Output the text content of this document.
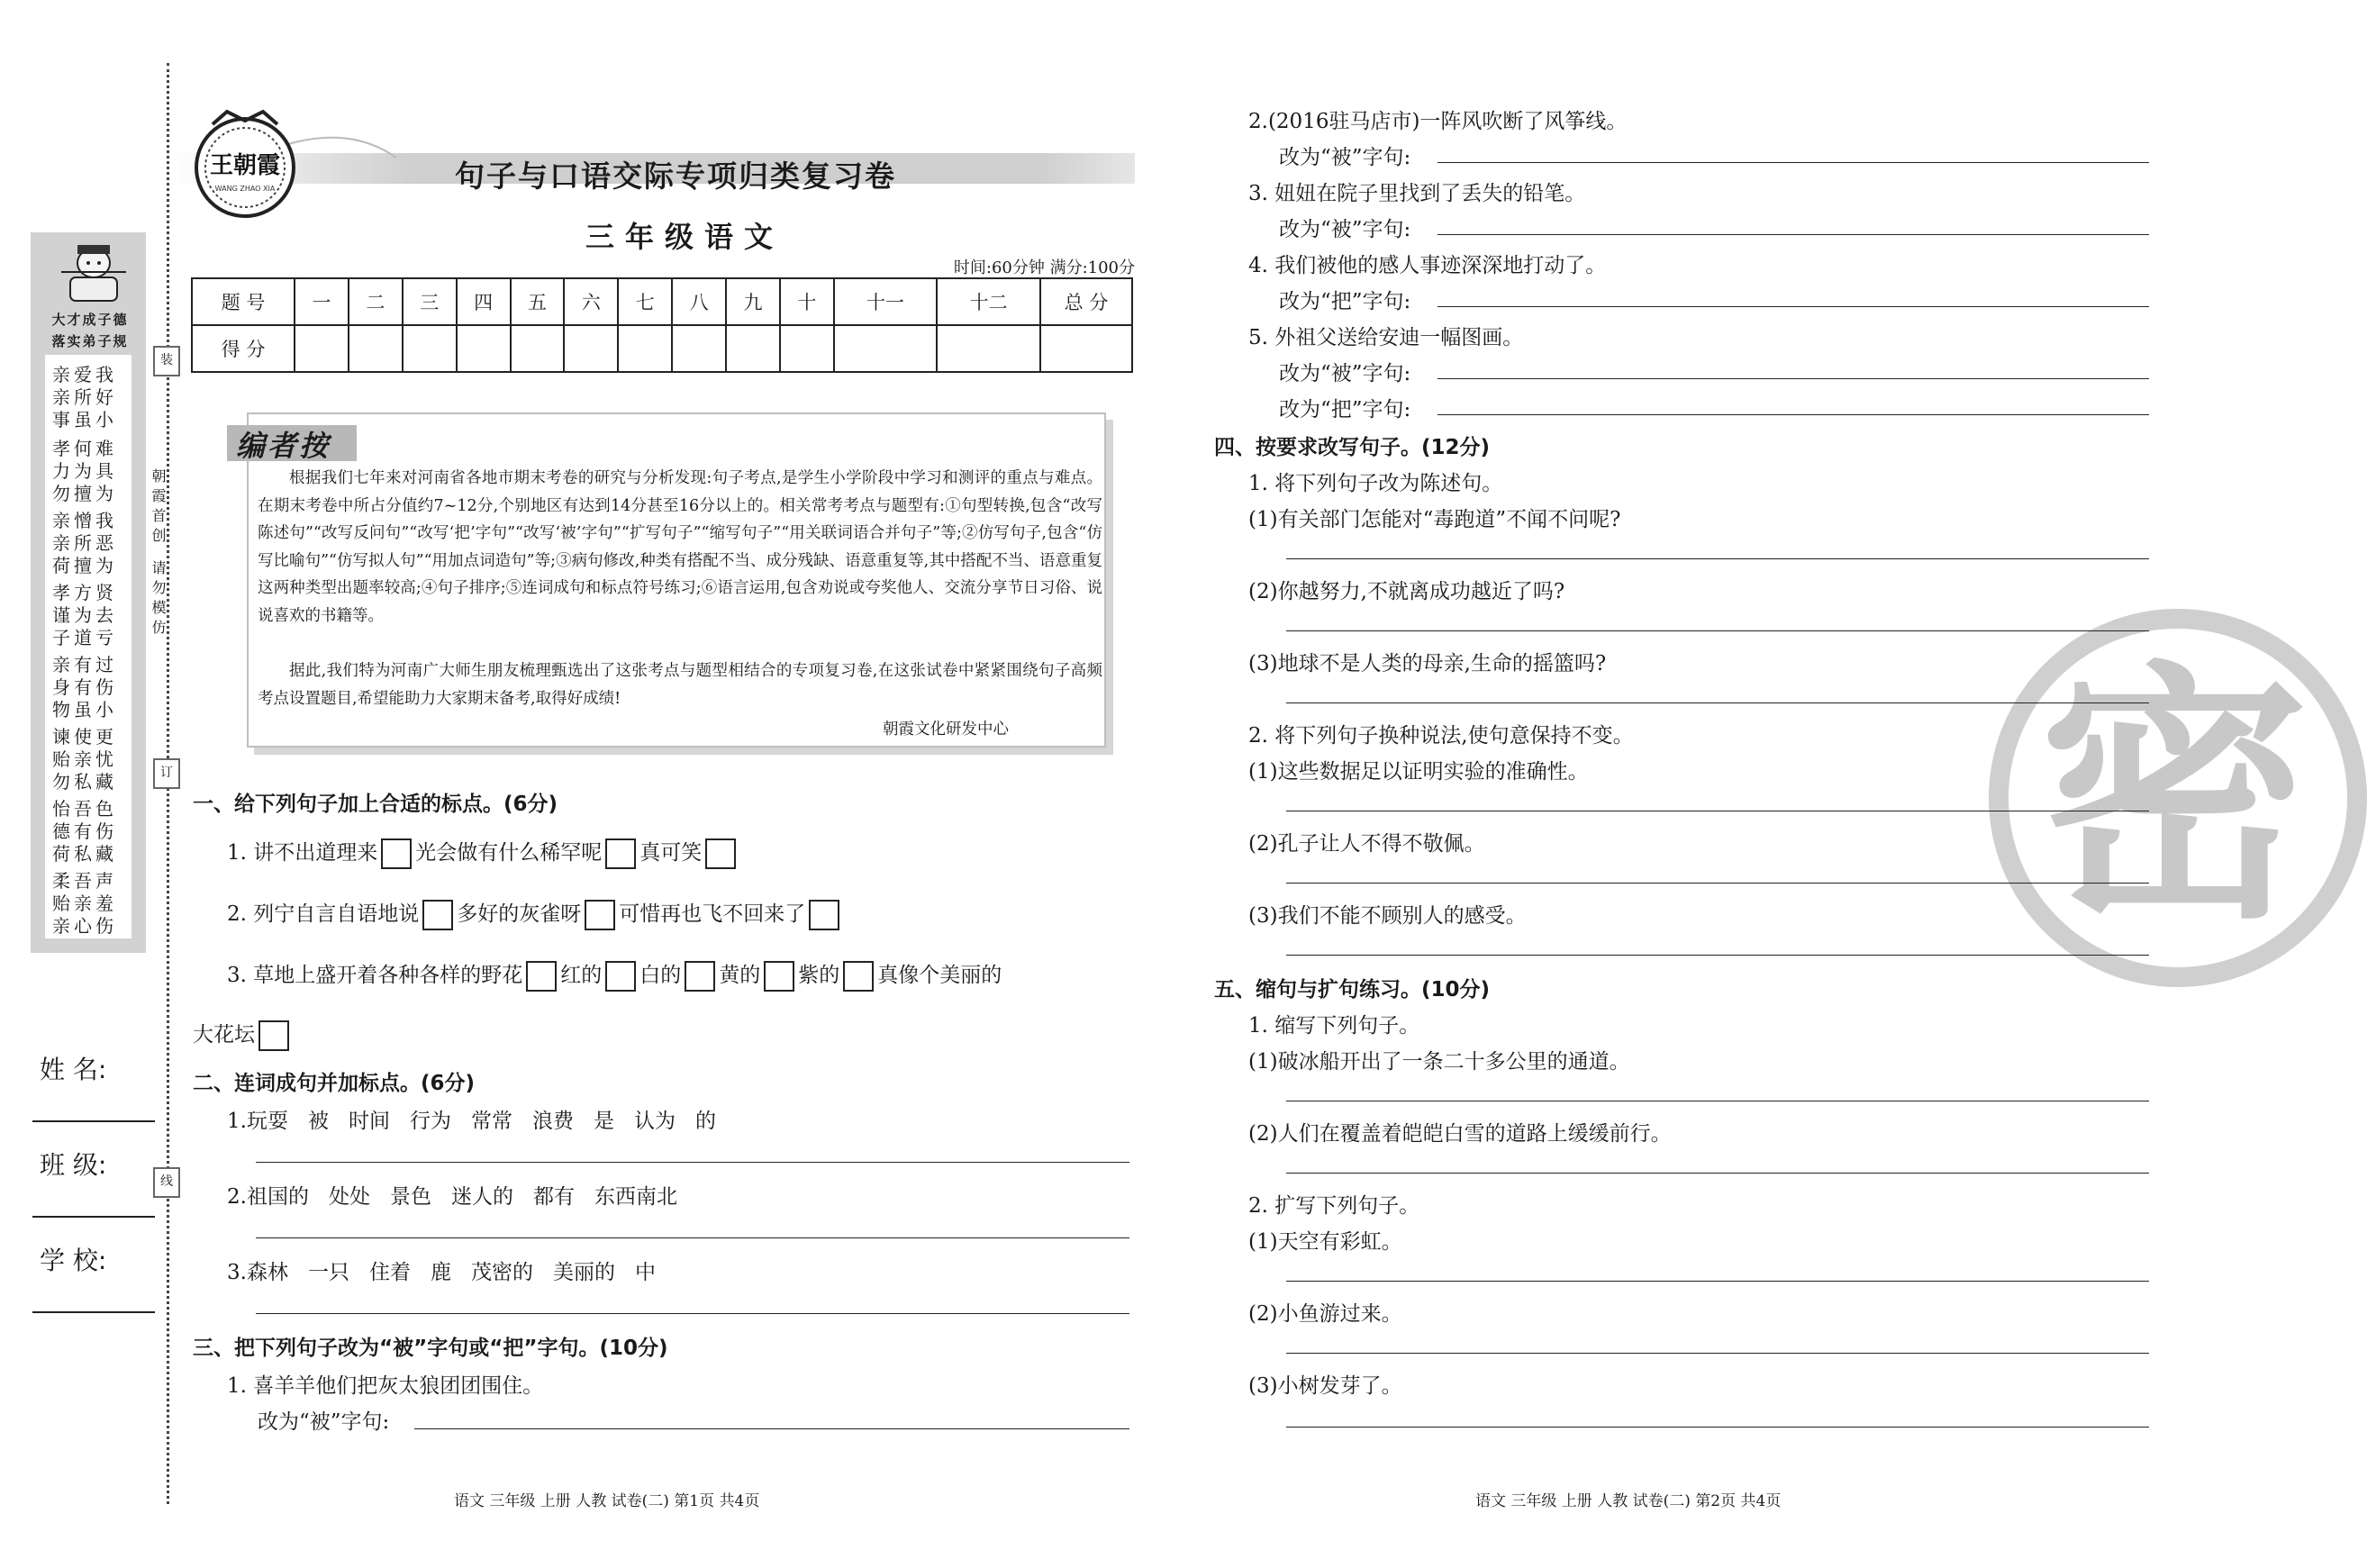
大才成子德
落实弟子规
亲爱我 亲所好 事虽小
孝何难 力为具 勿擅为
亲憎我 亲所恶 荷擅为
孝方贤 谨为去 子道亏
亲有过 身有伤 物虽小
谏使更 贻亲忧 勿私藏
怡吾色 德有伤 荷私藏
柔吾声 贻亲羞 亲心伤
朝霞首创
请勿模仿
装
订
线
姓 名:
班 级:
学 校:
王朝霞
WANG ZHAO XIA	句子与口语交际专项归类复习卷
三年级语文
时间:60分钟 满分:100分
题 号	一	二	三	四	五	六	七	八	九	十	十一	十二	总 分
得 分													
编者按
根据我们七年来对河南省各地市期末考卷的研究与分析发现:句子考点,是学生小学阶段中学习和测评的重点与难点。在期末考卷中所占分值约7~12分,个别地区有达到14分甚至16分以上的。相关常考考点与题型有:①句型转换,包含“改写陈述句”“改写反问句”“改写‘把’字句”“改写‘被’字句”“扩写句子”“缩写句子”“用关联词语合并句子”等;②仿写句子,包含“仿写比喻句”“仿写拟人句”“用加点词造句”等;③病句修改,种类有搭配不当、成分残缺、语意重复等,其中搭配不当、语意重复这两种类型出题率较高;④句子排序;⑤连词成句和标点符号练习;⑥语言运用,包含劝说或夸奖他人、交流分享节日习俗、说说喜欢的书籍等。
据此,我们特为河南广大师生朋友梳理甄选出了这张考点与题型相结合的专项复习卷,在这张试卷中紧紧围绕句子高频考点设置题目,希望能助力大家期末备考,取得好成绩!
朝霞文化研发中心
一、给下列句子加上合适的标点。(6分)
1. 讲不出道理来 光会做有什么稀罕呢 真可笑
2. 列宁自言自语地说 多好的灰雀呀 可惜再也飞不回来了
3. 草地上盛开着各种各样的野花 红的 白的 黄的 紫的 真像个美丽的
大花坛
二、连词成句并加标点。(6分)
1.玩耍 被 时间 行为 常常 浪费 是 认为 的
2.祖国的 处处 景色 迷人的 都有 东西南北
3.森林 一只 住着 鹿 茂密的 美丽的 中
三、把下列句子改为“被”字句或“把”字句。(10分)
1. 喜羊羊他们把灰太狼团团围住。
改为“被”字句:
语文 三年级 上册 人教 试卷(二) 第1页 共4页
密
2.(2016驻马店市)一阵风吹断了风筝线。
改为“被”字句:
3. 妞妞在院子里找到了丢失的铅笔。
改为“被”字句:
4. 我们被他的感人事迹深深地打动了。
改为“把”字句:
5. 外祖父送给安迪一幅图画。
改为“被”字句:
改为“把”字句:
四、按要求改写句子。(12分)
1. 将下列句子改为陈述句。
(1)有关部门怎能对“毒跑道”不闻不问呢?
(2)你越努力,不就离成功越近了吗?
(3)地球不是人类的母亲,生命的摇篮吗?
2. 将下列句子换种说法,使句意保持不变。
(1)这些数据足以证明实验的准确性。
(2)孔子让人不得不敬佩。
(3)我们不能不顾别人的感受。
五、缩句与扩句练习。(10分)
1. 缩写下列句子。
(1)破冰船开出了一条二十多公里的通道。
(2)人们在覆盖着皑皑白雪的道路上缓缓前行。
2. 扩写下列句子。
(1)天空有彩虹。
(2)小鱼游过来。
(3)小树发芽了。
语文 三年级 上册 人教 试卷(二) 第2页 共4页
